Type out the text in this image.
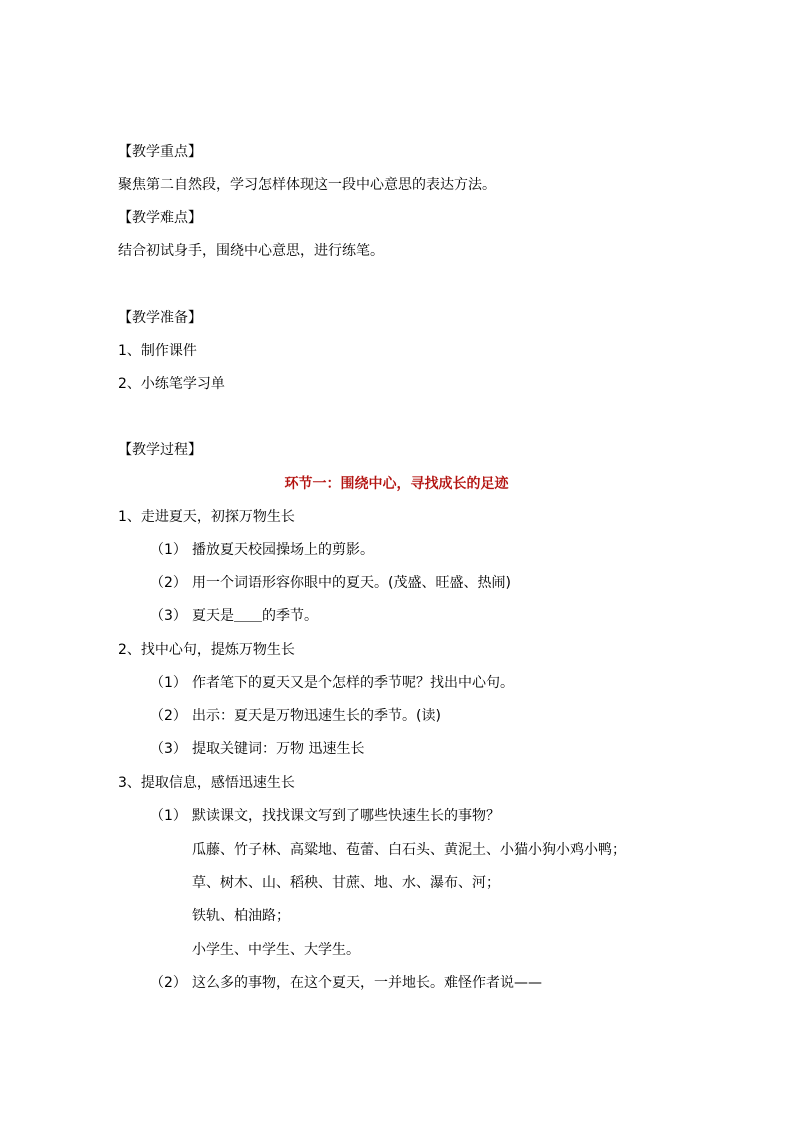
【教学重点】
聚焦第二自然段，学习怎样体现这一段中心意思的表达方法。
【教学难点】
结合初试身手，围绕中心意思，进行练笔。
【教学准备】
1、制作课件
2、小练笔学习单
【教学过程】
环节一：围绕中心，寻找成长的足迹
1、走进夏天，初探万物生长
（1） 播放夏天校园操场上的剪影。
（2） 用一个词语形容你眼中的夏天。(茂盛、旺盛、热闹)
（3） 夏天是＿＿的季节。
2、找中心句，提炼万物生长
（1） 作者笔下的夏天又是个怎样的季节呢？找出中心句。
（2） 出示：夏天是万物迅速生长的季节。(读)
（3） 提取关键词：万物 迅速生长
3、提取信息，感悟迅速生长
（1） 默读课文，找找课文写到了哪些快速生长的事物？
瓜藤、竹子林、高粱地、苞蕾、白石头、黄泥土、小猫小狗小鸡小鸭；
草、树木、山、稻秧、甘蔗、地、水、瀑布、河；
铁轨、柏油路；
小学生、中学生、大学生。
（2） 这么多的事物，在这个夏天，一并地长。难怪作者说——
